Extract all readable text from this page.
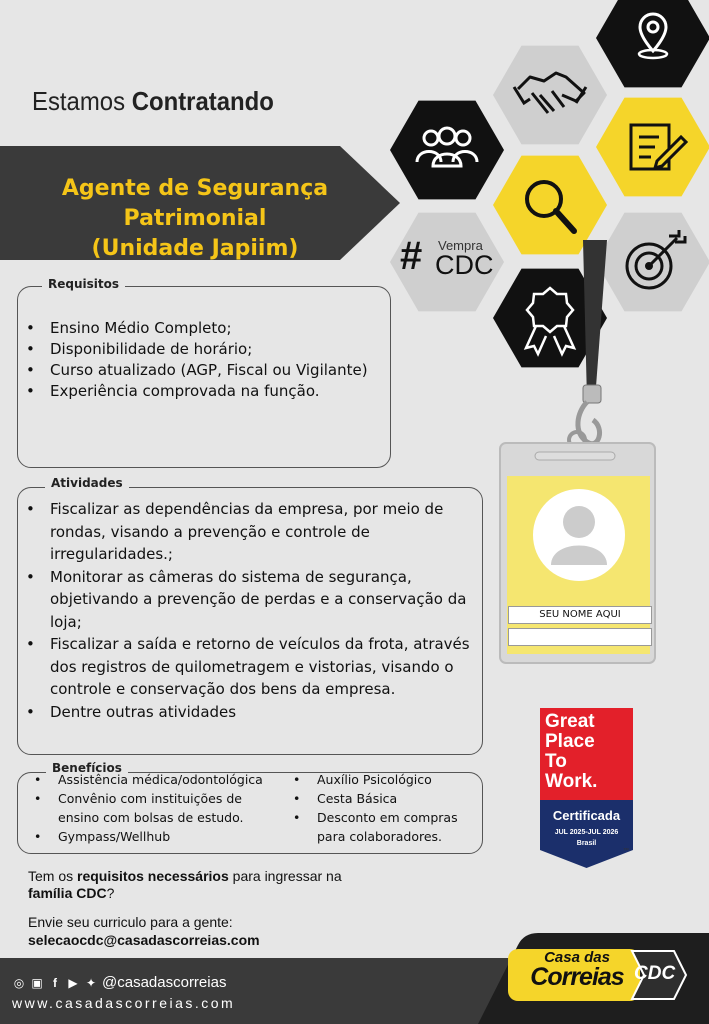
Estamos Contratando
Agente de Segurança Patrimonial
(Unidade Japiim)	# Vempra
CDC
SEU NOME AQUI
Requisitos
• Ensino Médio Completo;
• Disponibilidade de horário;
• Curso atualizado (AGP, Fiscal ou Vigilante)
• Experiência comprovada na função.
Atividades
• Fiscalizar as dependências da empresa, por meio de rondas, visando a prevenção e controle de irregularidades.;
• Monitorar as câmeras do sistema de segurança, objetivando a prevenção de perdas e a conservação da loja;
• Fiscalizar a saída e retorno de veículos da frota, através dos registros de quilometragem e vistorias, visando o controle e conservação dos bens da empresa.
• Dentre outras atividades
Benefícios
• Assistência médica/odontológica
• Convênio com instituições de ensino com bolsas de estudo.
• Gympass/Wellhub
• Auxílio Psicológico
• Cesta Básica
• Desconto em compras para colaboradores.
Great
Place
To
Work.
Certificada
JUL 2025-JUL 2026
Brasil
™
Tem os requisitos necessários para ingressar na família CDC?
Envie seu curriculo para a gente:
selecaocdc@casadascorreias.com
◎ ▣ f ▶ ✦ @casadascorreias
www.casadascorreias.com
Casa das
Correias CDC
